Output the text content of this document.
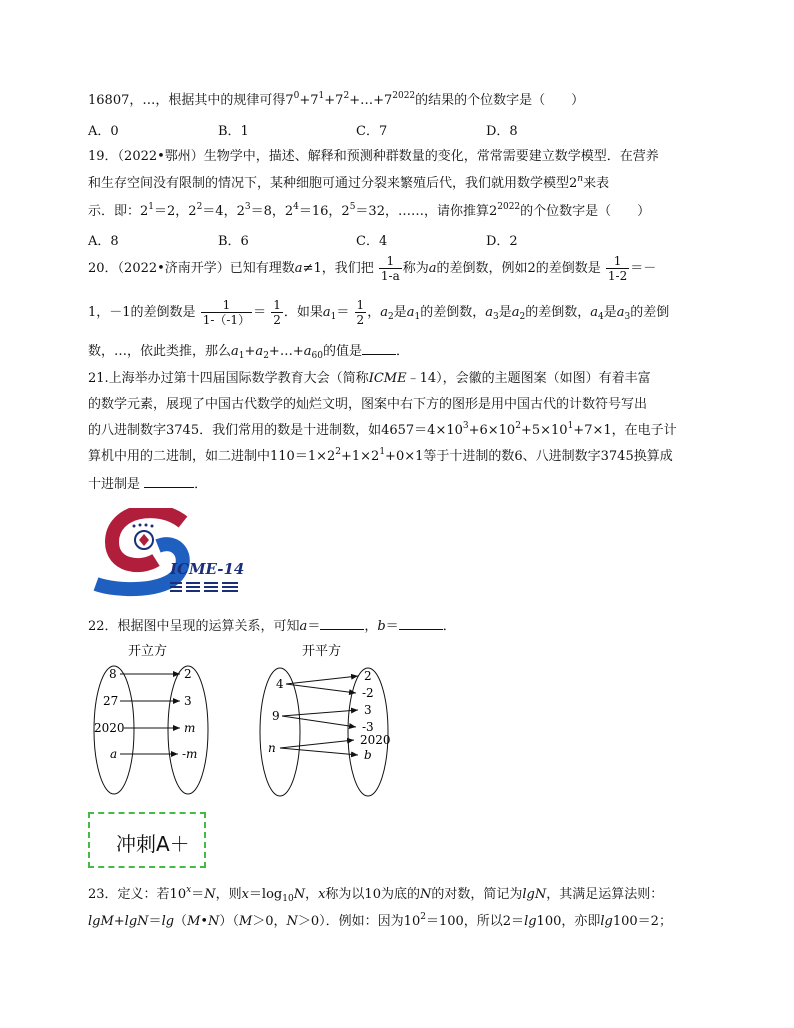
16807，…，根据其中的规律可得$7^0+7^1+7^2+\dots+7^{2022}$的结果的个位数字是（　　）
A．0	B．1	C．7	D．8
19．（2022•鄂州）生物学中，描述、解释和预测种群数量的变化，常常需要建立数学模型．在营养
和生存空间没有限制的情况下，某种细胞可通过分裂来繁殖后代，我们就用数学模型2$^n$来表
示．即：$2^1=2$，$2^2=4$，$2^3=8$，$2^4=16$，$2^5=32$，……，请你推算$2^{2022}$的个位数字是（　　）
A．8	B．6	C．4	D．2
20．（2022•济南开学）已知有理数a≠1，我们把 $\frac{1}{1-a}$ 称为a的差倒数，例如2的差倒数是 $\frac{1}{1-2}$ ＝－
1，－1的差倒数是 $\frac{1}{1-(-1)} = \frac{1}{2}$ ．如果$a_1= \frac{1}{2}$ ，$a_2$是$a_1$的差倒数，$a_3$是$a_2$的差倒数，$a_4$是$a_3$的差倒
数，…，依此类推，那么$a_1+a_2+\dots+a_{60}$的值是	．
21.上海举办过第十四届国际数学教育大会（简称ICME﹣14），会徽的主题图案（如图）有着丰富
的数学元素，展现了中国古代数学的灿烂文明，图案中右下方的图形是用中国古代的计数符号写出
的八进制数字3745．我们常用的数是十进制数，如$4657=4\times 10^3+6\times 10^2+5\times 10^1+7\times 1$，在电子计
算机中用的二进制，如二进制中$110=1\times 2^2+1\times 2^1+0\times 1$等于十进制的数6、八进制数字3745换算成
十进制是	．
ICME-14
22．根据图中呈现的运算关系，可知a＝	，b＝	．
开立方
8
27
2020
a
2
3
m
-m
开平方
4
9
n
2
-2
3
-3
2020
b
冲刺A＋
23．定义：若$10^x=N$，则$x=\log_{10}N$，x称为以10为底的N的对数，简记为lgN，其满足运算法则：
lgM+lgN＝lg（M•N）（M＞0，N＞0）．例如：因为$10^2=100$，所以2＝lg100，亦即lg100＝2；
